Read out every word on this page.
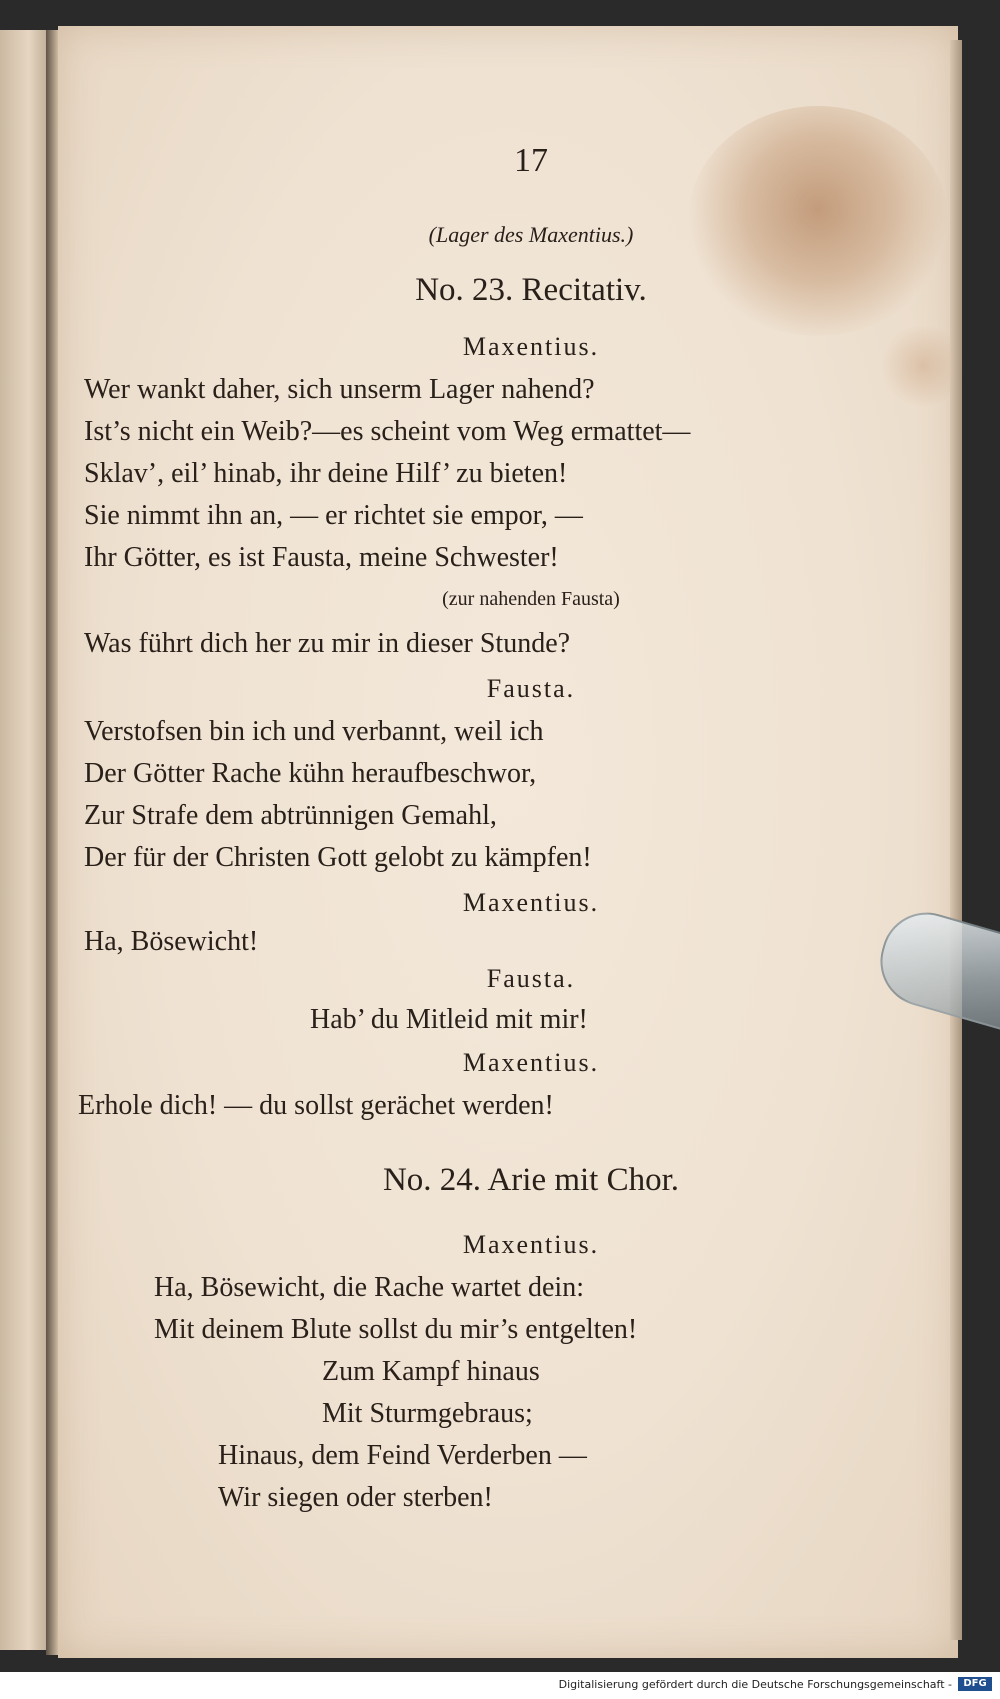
17
(Lager des Maxentius.)
No. 23. Recitativ.
Maxentius.
Wer wankt daher, sich unserm Lager nahend?
Ist’s nicht ein Weib?—es scheint vom Weg ermattet—
Sklav’, eil’ hinab, ihr deine Hilf’ zu bieten!
Sie nimmt ihn an, — er richtet sie empor, —
Ihr Götter, es ist Fausta, meine Schwester!
(zur nahenden Fausta)
Was führt dich her zu mir in dieser Stunde?
Fausta.
Verstofsen bin ich und verbannt, weil ich
Der Götter Rache kühn heraufbeschwor,
Zur Strafe dem abtrünnigen Gemahl,
Der für der Christen Gott gelobt zu kämpfen!
Maxentius.
Ha, Bösewicht!
Fausta.
Hab’ du Mitleid mit mir!
Maxentius.
Erhole dich! — du sollst gerächet werden!
No. 24. Arie mit Chor.
Maxentius.
Ha, Bösewicht, die Rache wartet dein:
Mit deinem Blute sollst du mir’s entgelten!
Zum Kampf hinaus
Mit Sturmgebraus;
Hinaus, dem Feind Verderben —
Wir siegen oder sterben!
Digitalisierung gefördert durch die Deutsche Forschungsgemeinschaft -	DFG
